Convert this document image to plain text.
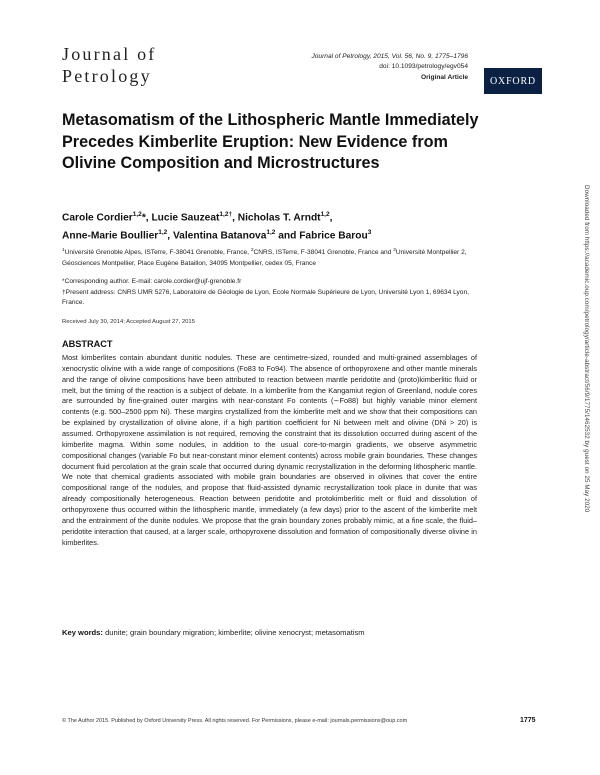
Journal of
Petrology
Journal of Petrology, 2015, Vol. 56, No. 9, 1775–1796
doi: 10.1093/petrology/egv054
Original Article OXFORD
Metasomatism of the Lithospheric Mantle Immediately Precedes Kimberlite Eruption: New Evidence from Olivine Composition and Microstructures
Carole Cordier$^{1,2}$*, Lucie Sauzeat$^{1,2\dagger}$, Nicholas T. Arndt$^{1,2}$,
Anne-Marie Boullier$^{1,2}$, Valentina Batanova$^{1,2}$ and Fabrice Barou$^3$
$^1$Université Grenoble Alpes, ISTerre, F-38041 Grenoble, France, $^2$CNRS, ISTerre, F-38041 Grenoble, France and $^3$Université Montpellier 2, Géosciences Montpellier, Place Eugène Bataillon, 34095 Montpellier, cedex 05, France
*Corresponding author. E-mail: carole.cordier@ujf-grenoble.fr
†Present address: CNRS UMR 5276, Laboratoire de Géologie de Lyon, Ecole Normale Supérieure de Lyon, Université Lyon 1, 69634 Lyon, France.
Received July 30, 2014; Accepted August 27, 2015
ABSTRACT

Most kimberlites contain abundant dunitic nodules. These are centimetre-sized, rounded and multi-grained assemblages of xenocrystic olivine with a wide range of compositions (Fo83 to Fo94). The absence of orthopyroxene and other mantle minerals and the range of olivine compositions have been attributed to reaction between mantle peridotite and (proto)kimberlitic fluid or melt, but the timing of the reaction is a subject of debate. In a kimberlite from the Kangamiut region of Greenland, nodule cores are surrounded by fine-grained outer margins with near-constant Fo contents (∼Fo88) but highly variable minor element contents (e.g. 500–2500 ppm Ni). These margins crystallized from the kimberlite melt and we show that their compositions can be explained by crystallization of olivine alone, if a high partition coefficient for Ni between melt and olivine (DNi > 20) is assumed. Orthopyroxene assimilation is not required, removing the constraint that its dissolution occurred during ascent of the kimberlite magma. Within some nodules, in addition to the usual core-to-margin gradients, we observe asymmetric compositional changes (variable Fo but near-constant minor element contents) across mobile grain boundaries. These changes document fluid percolation at the grain scale that occurred during dynamic recrystallization in the deforming lithospheric mantle. We note that chemical gradients associated with mobile grain boundaries are observed in olivines that cover the entire compositional range of the nodules, and propose that fluid-assisted dynamic recrystallization took place in dunite that was already compositionally heterogeneous. Reaction between peridotite and protokimberlitic melt or fluid and dissolution of orthopyroxene thus occurred within the lithospheric mantle, immediately (a few days) prior to the ascent of the kimberlite melt and the entrainment of the dunite nodules. We propose that the grain boundary zones probably mimic, at a fine scale, the fluid–peridotite interaction that caused, at a larger scale, orthopyroxene dissolution and formation of compositionally diverse olivine in kimberlites.

Key words: dunite; grain boundary migration; kimberlite; olivine xenocryst; metasomatism
© The Author 2015. Published by Oxford University Press. All rights reserved. For Permissions, please e-mail: journals.permissions@oup.com	1775
Downloaded from https://academic.oup.com/petrology/article-abstract/56/9/1775/1462532 by guest on 25 May 2020
